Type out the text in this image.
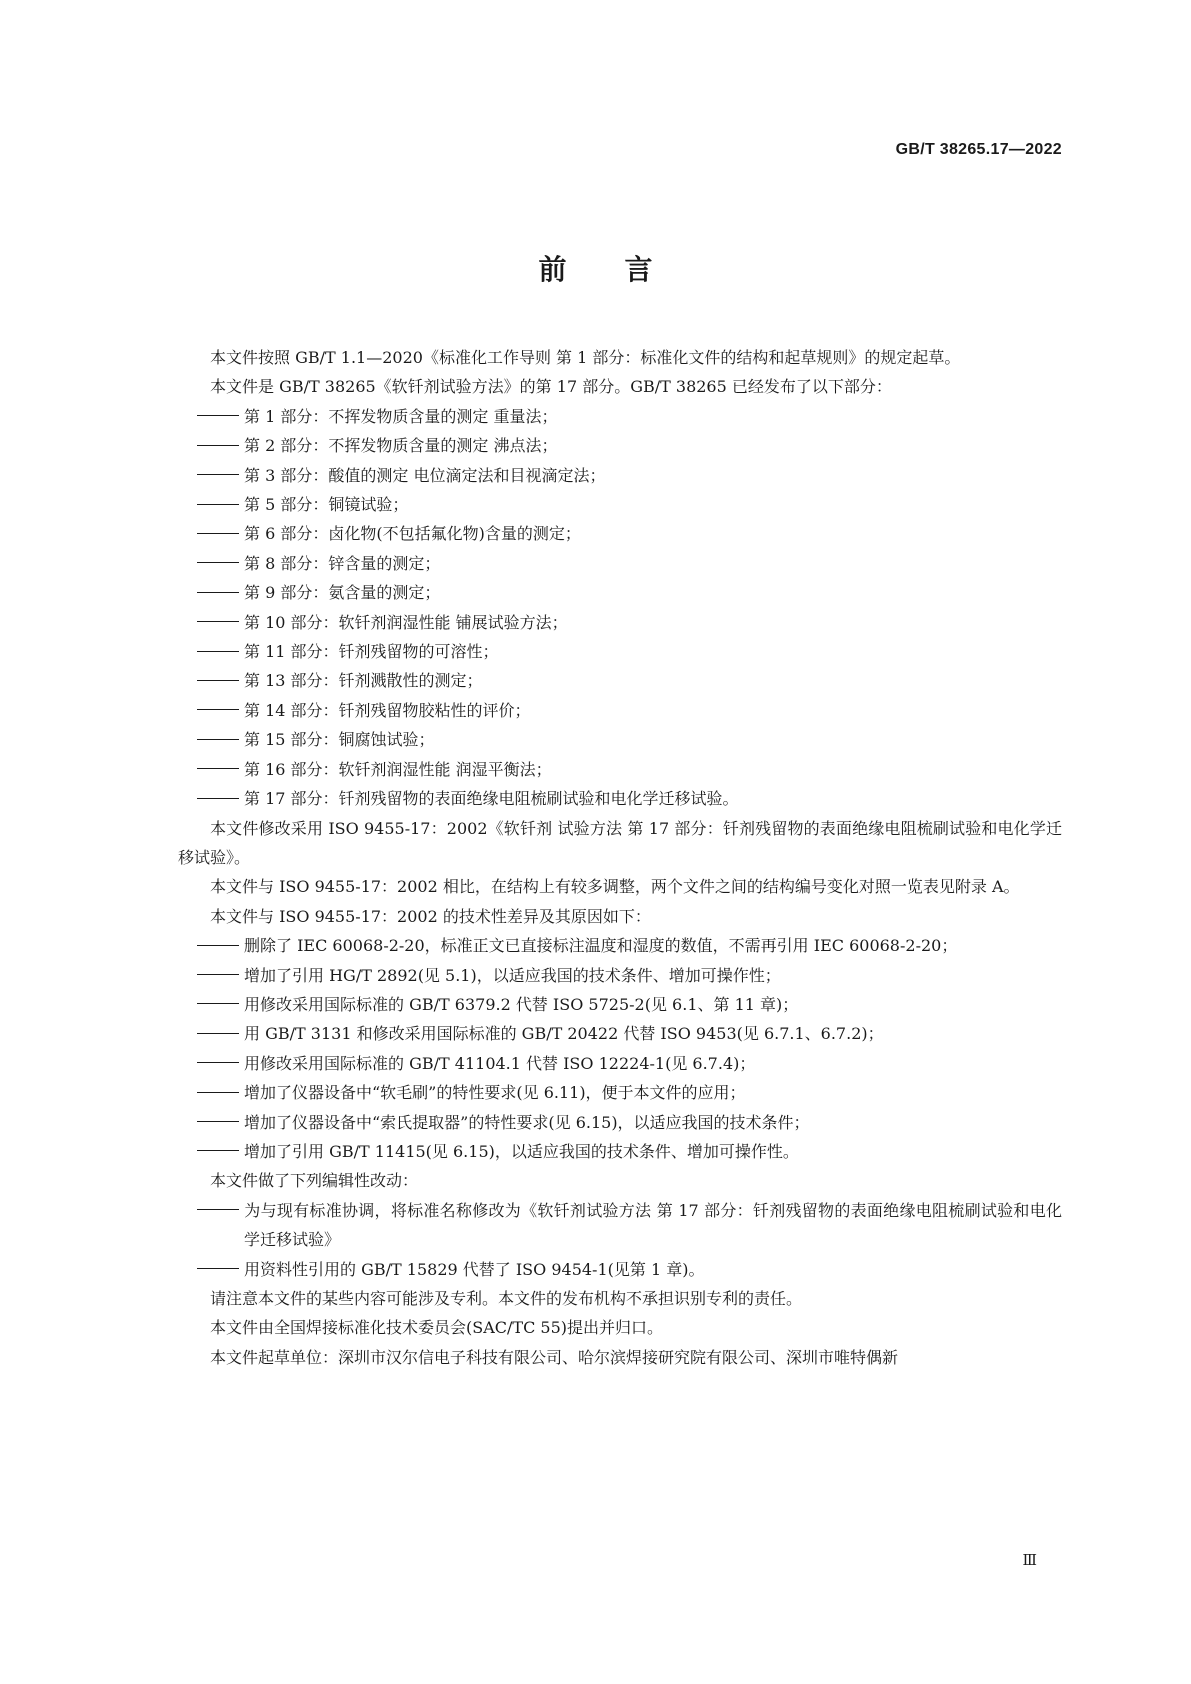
GB/T 38265.17—2022
前言

本文件按照 GB/T 1.1—2020《标准化工作导则 第 1 部分：标准化文件的结构和起草规则》的规定起草。

本文件是 GB/T 38265《软钎剂试验方法》的第 17 部分。GB/T 38265 已经发布了以下部分：

第 1 部分：不挥发物质含量的测定 重量法；

第 2 部分：不挥发物质含量的测定 沸点法；

第 3 部分：酸值的测定 电位滴定法和目视滴定法；

第 5 部分：铜镜试验；

第 6 部分：卤化物(不包括氟化物)含量的测定；

第 8 部分：锌含量的测定；

第 9 部分：氨含量的测定；

第 10 部分：软钎剂润湿性能 铺展试验方法；

第 11 部分：钎剂残留物的可溶性；

第 13 部分：钎剂溅散性的测定；

第 14 部分：钎剂残留物胶粘性的评价；

第 15 部分：铜腐蚀试验；

第 16 部分：软钎剂润湿性能 润湿平衡法；

第 17 部分：钎剂残留物的表面绝缘电阻梳刷试验和电化学迁移试验。

本文件修改采用 ISO 9455-17：2002《软钎剂 试验方法 第 17 部分：钎剂残留物的表面绝缘电阻梳刷试验和电化学迁移试验》。

本文件与 ISO 9455-17：2002 相比，在结构上有较多调整，两个文件之间的结构编号变化对照一览表见附录 A。

本文件与 ISO 9455-17：2002 的技术性差异及其原因如下：

删除了 IEC 60068-2-20，标准正文已直接标注温度和湿度的数值，不需再引用 IEC 60068-2-20；

增加了引用 HG/T 2892(见 5.1)，以适应我国的技术条件、增加可操作性；

用修改采用国际标准的 GB/T 6379.2 代替 ISO 5725-2(见 6.1、第 11 章)；

用 GB/T 3131 和修改采用国际标准的 GB/T 20422 代替 ISO 9453(见 6.7.1、6.7.2)；

用修改采用国际标准的 GB/T 41104.1 代替 ISO 12224-1(见 6.7.4)；

增加了仪器设备中“软毛刷”的特性要求(见 6.11)，便于本文件的应用；

增加了仪器设备中“索氏提取器”的特性要求(见 6.15)，以适应我国的技术条件；

增加了引用 GB/T 11415(见 6.15)，以适应我国的技术条件、增加可操作性。

本文件做了下列编辑性改动：

为与现有标准协调，将标准名称修改为《软钎剂试验方法 第 17 部分：钎剂残留物的表面绝缘电阻梳刷试验和电化学迁移试验》

用资料性引用的 GB/T 15829 代替了 ISO 9454-1(见第 1 章)。

请注意本文件的某些内容可能涉及专利。本文件的发布机构不承担识别专利的责任。

本文件由全国焊接标准化技术委员会(SAC/TC 55)提出并归口。

本文件起草单位：深圳市汉尔信电子科技有限公司、哈尔滨焊接研究院有限公司、深圳市唯特偶新

Ⅲ
